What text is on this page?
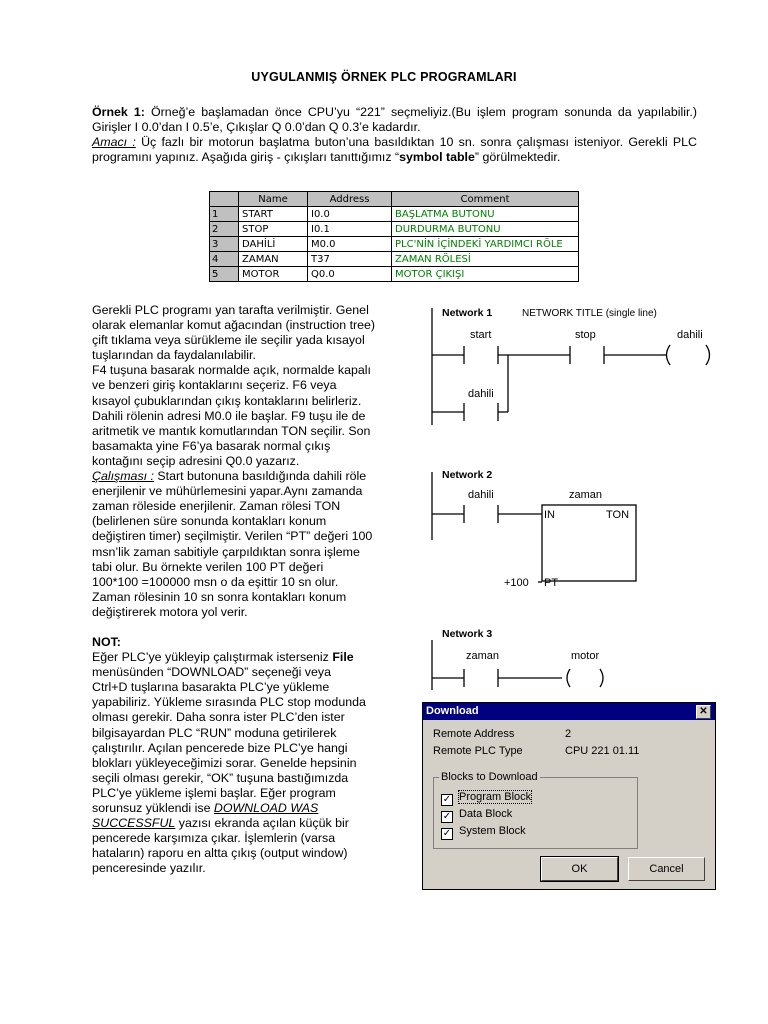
UYGULANMIŞ ÖRNEK PLC PROGRAMLARI
Örnek 1: Örneğ’e başlamadan önce CPU’yu “221” seçmeliyiz.(Bu işlem program sonunda da yapılabilir.) Girişler I 0.0’dan I 0.5’e, Çıkışlar Q 0.0’dan Q 0.3’e kadardır.
Amacı : Üç fazlı bir motorun başlatma buton’una basıldıktan 10 sn. sonra çalışması isteniyor. Gerekli PLC programını yapınız. Aşağıda giriş - çıkışları tanıttığımız “symbol table” görülmektedir.
	Name	Address	Comment
1	START	I0.0	BAŞLATMA BUTONU
2	STOP	I0.1	DURDURMA BUTONU
3	DAHİLİ	M0.0	PLC'NİN İÇİNDEKİ YARDIMCI RÖLE
4	ZAMAN	T37	ZAMAN RÖLESİ
5	MOTOR	Q0.0	MOTOR ÇIKIŞI
Gerekli PLC programı yan tarafta verilmiştir. Genel
olarak elemanlar komut ağacından (instruction tree)
çift tıklama veya sürükleme ile seçilir yada kısayol
tuşlarından da faydalanılabilir.
F4 tuşuna basarak normalde açık, normalde kapalı
ve benzeri giriş kontaklarını seçeriz. F6 veya
kısayol çubuklarından çıkış kontaklarını belirleriz.
Dahili rölenin adresi M0.0 ile başlar. F9 tuşu ile de
aritmetik ve mantık komutlarından TON seçilir. Son
basamakta yine F6’ya basarak normal çıkış
kontağını seçip adresini Q0.0 yazarız.
Çalışması : Start butonuna basıldığında dahili röle
enerjilenir ve mühürlemesini yapar.Aynı zamanda
zaman röleside enerjilenir. Zaman rölesi TON
(belirlenen süre sonunda kontakları konum
değiştiren timer) seçilmiştir. Verilen “PT” değeri 100
msn’lik zaman sabitiyle çarpıldıktan sonra işleme
tabi olur. Bu örnekte verilen 100 PT değeri
100*100 =100000 msn o da eşittir 10 sn olur.
Zaman rölesinin 10 sn sonra kontakları konum
değiştirerek motora yol verir.
NOT:
Eğer PLC’ye yükleyip çalıştırmak isterseniz File
menüsünden “DOWNLOAD” seçeneği veya
Ctrl+D tuşlarına basarakta PLC’ye yükleme
yapabiliriz. Yükleme sırasında PLC stop modunda
olması gerekir. Daha sonra ister PLC’den ister
bilgisayardan PLC “RUN” moduna getirilerek
çalıştırılır. Açılan pencerede bize PLC’ye hangi
blokları yükleyeceğimizi sorar. Genelde hepsinin
seçili olması gerekir, “OK” tuşuna bastığımızda
PLC’ye yükleme işlemi başlar. Eğer program
sorunsuz yüklendi ise DOWNLOAD WAS
SUCCESSFUL yazısı ekranda açılan küçük bir
pencerede karşımıza çıkar. İşlemlerin (varsa
hataların) raporu en altta çıkış (output window)
penceresinde yazılır.
Network 1	NETWORK TITLE (single line)
start	stop	dahili
dahili
Network 2
dahili	zaman
IN	TON
PT
+100
Network 3
zaman	motor
Download	✕
Remote Address	2
Remote PLC Type	CPU 221 01.11
Blocks to Download
✓ Program Block
✓ Data Block
✓ System Block
OK	Cancel
